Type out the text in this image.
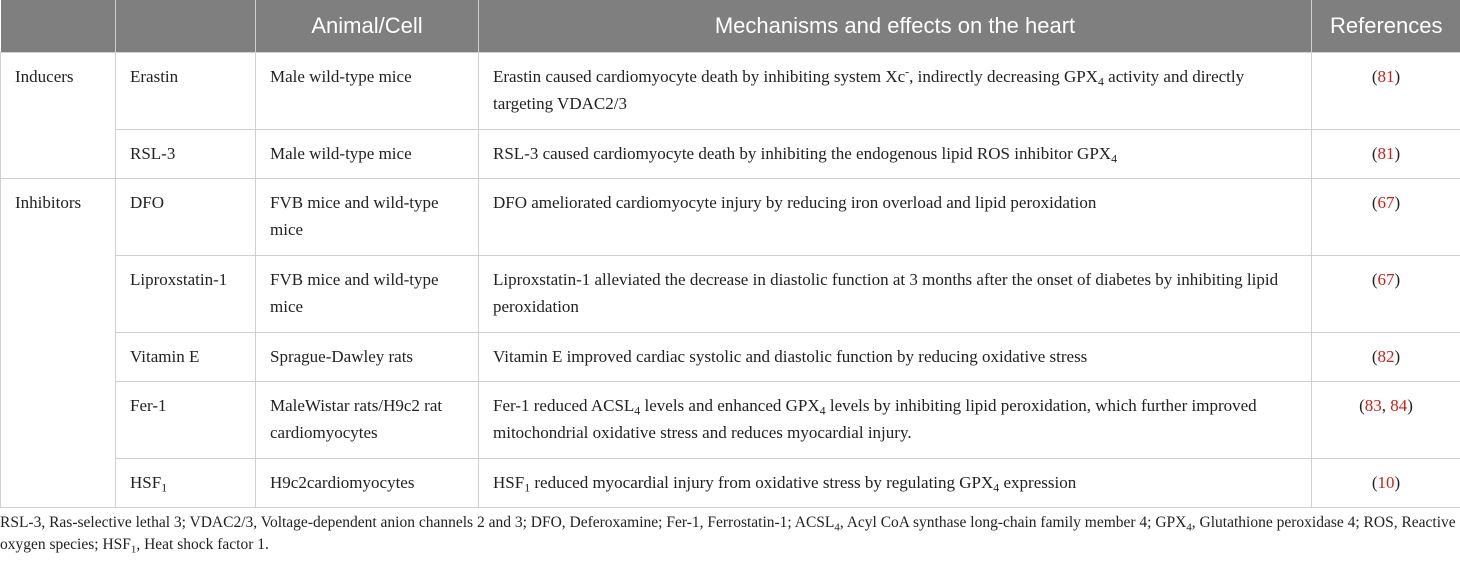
		Animal/Cell	Mechanisms and effects on the heart	References
Inducers	Erastin	Male wild-type mice	Erastin caused cardiomyocyte death by inhibiting system Xc-, indirectly decreasing $GPX_4$ activity and directly targeting VDAC2/3	(81)
	RSL-3	Male wild-type mice	RSL-3 caused cardiomyocyte death by inhibiting the endogenous lipid ROS inhibitor $GPX_4$	(81)
Inhibitors	DFO	FVB mice and wild-type mice	DFO ameliorated cardiomyocyte injury by reducing iron overload and lipid peroxidation	(67)
	Liproxstatin-1	FVB mice and wild-type mice	Liproxstatin-1 alleviated the decrease in diastolic function at 3 months after the onset of diabetes by inhibiting lipid peroxidation	(67)
	Vitamin E	Sprague-Dawley rats	Vitamin E improved cardiac systolic and diastolic function by reducing oxidative stress	(82)
	Fer-1	MaleWistar rats/H9c2 rat cardiomyocytes	Fer-1 reduced $ACSL_4$ levels and enhanced $GPX_4$ levels by inhibiting lipid peroxidation, which further improved mitochondrial oxidative stress and reduces myocardial injury.	(83, 84)
	$HSF_1$	H9c2cardiomyocytes	$HSF_1$ reduced myocardial injury from oxidative stress by regulating $GPX_4$ expression	(10)
RSL-3, Ras-selective lethal 3; VDAC2/3, Voltage-dependent anion channels 2 and 3; DFO, Deferoxamine; Fer-1, Ferrostatin-1; $ACSL_4$, Acyl CoA synthase long-chain family member 4; $GPX_4$, Glutathione peroxidase 4; ROS, Reactive oxygen species; $HSF_1$, Heat shock factor 1.
